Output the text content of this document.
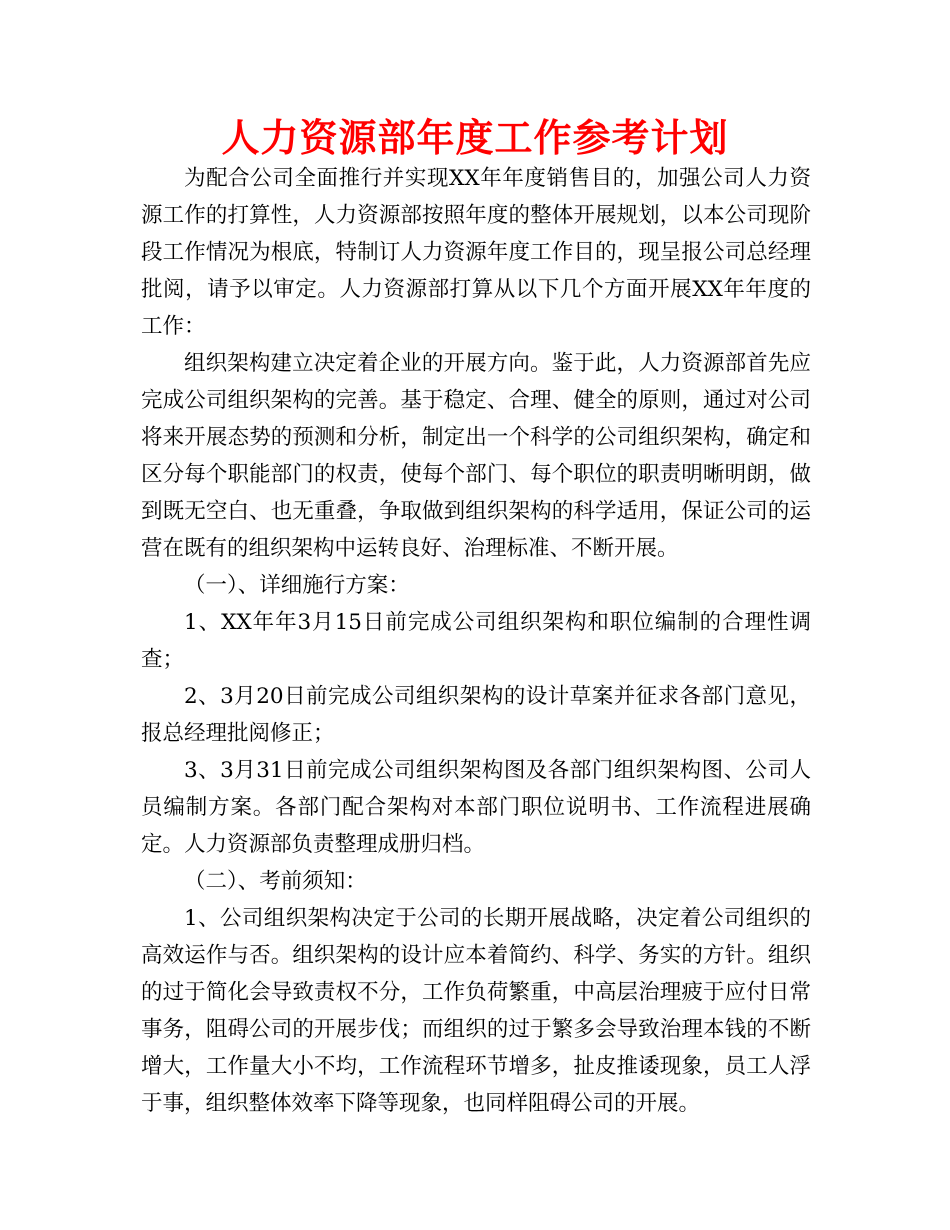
人力资源部年度工作参考计划

为配合公司全面推行并实现XX年年度销售目的，加强公司人力资源工作的打算性，人力资源部按照年度的整体开展规划，以本公司现阶段工作情况为根底，特制订人力资源年度工作目的，现呈报公司总经理批阅，请予以审定。人力资源部打算从以下几个方面开展XX年年度的工作：

组织架构建立决定着企业的开展方向。鉴于此，人力资源部首先应完成公司组织架构的完善。基于稳定、合理、健全的原则，通过对公司将来开展态势的预测和分析，制定出一个科学的公司组织架构，确定和区分每个职能部门的权责，使每个部门、每个职位的职责明晰明朗，做到既无空白、也无重叠，争取做到组织架构的科学适用，保证公司的运营在既有的组织架构中运转良好、治理标准、不断开展。

（一）、详细施行方案：

1、XX年年3月15日前完成公司组织架构和职位编制的合理性调查；

2、3月20日前完成公司组织架构的设计草案并征求各部门意见，报总经理批阅修正；

3、3月31日前完成公司组织架构图及各部门组织架构图、公司人员编制方案。各部门配合架构对本部门职位说明书、工作流程进展确定。人力资源部负责整理成册归档。

（二）、考前须知：

1、公司组织架构决定于公司的长期开展战略，决定着公司组织的高效运作与否。组织架构的设计应本着简约、科学、务实的方针。组织的过于简化会导致责权不分，工作负荷繁重，中高层治理疲于应付日常事务，阻碍公司的开展步伐；而组织的过于繁多会导致治理本钱的不断增大，工作量大小不均，工作流程环节增多，扯皮推诿现象，员工人浮于事，组织整体效率下降等现象，也同样阻碍公司的开展。
